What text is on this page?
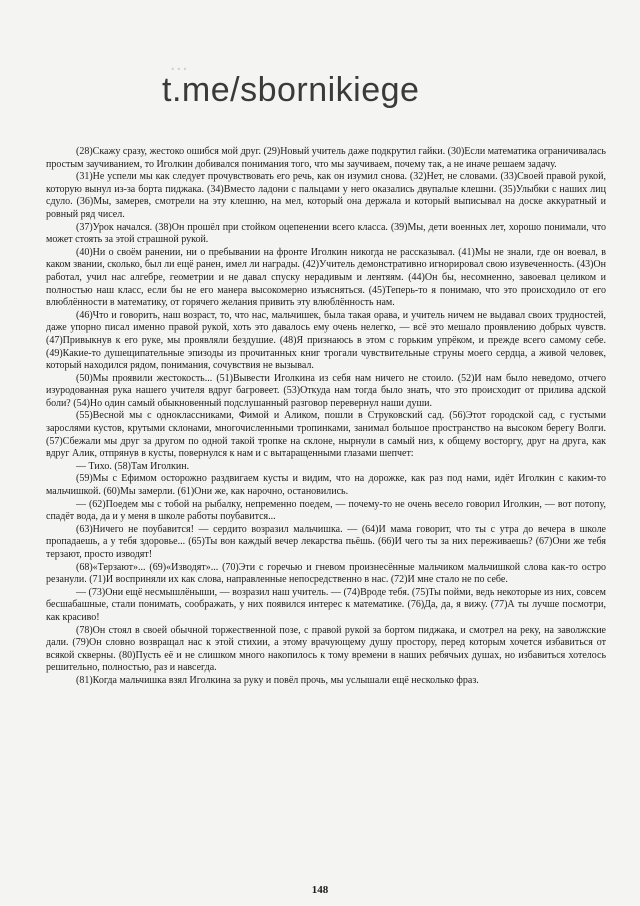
...
t.me/sbornikiege

(28)Скажу сразу, жестоко ошибся мой друг. (29)Новый учитель даже подкрутил гайки. (30)Если математика ограничивалась простым заучиванием, то Иголкин добивался понимания того, что мы заучиваем, почему так, а не иначе решаем задачу.

(31)Не успели мы как следует прочувствовать его речь, как он изумил снова. (32)Нет, не словами. (33)Своей правой рукой, которую вынул из-за борта пиджака. (34)Вместо ладони с пальцами у него оказались двупалые клешни. (35)Улыбки с наших лиц сдуло. (36)Мы, замерев, смотрели на эту клешню, на мел, который она держала и который выписывал на доске аккуратный и ровный ряд чисел.

(37)Урок начался. (38)Он прошёл при стойком оцепенении всего класса. (39)Мы, дети военных лет, хорошо понимали, что может стоять за этой страшной рукой.

(40)Ни о своём ранении, ни о пребывании на фронте Иголкин никогда не рассказывал. (41)Мы не знали, где он воевал, в каком звании, сколько, был ли ещё ранен, имел ли награды. (42)Учитель демонстративно игнорировал свою изувеченность. (43)Он работал, учил нас алгебре, геометрии и не давал спуску нерадивым и лентяям. (44)Он бы, несомненно, завоевал целиком и полностью наш класс, если бы не его манера высокомерно изъясняться. (45)Теперь-то я понимаю, что это происходило от его влюблённости в математику, от горячего желания привить эту влюблённость нам.

(46)Что и говорить, наш возраст, то, что нас, мальчишек, была такая орава, и учитель ничем не выдавал своих трудностей, даже упорно писал именно правой рукой, хоть это давалось ему очень нелегко, — всё это мешало проявлению добрых чувств. (47)Привыкнув к его руке, мы проявляли бездушие. (48)Я признаюсь в этом с горьким упрёком, и прежде всего самому себе. (49)Какие-то душещипательные эпизоды из прочитанных книг трогали чувствительные струны моего сердца, а живой человек, который находился рядом, понимания, сочувствия не вызывал.

(50)Мы проявили жестокость... (51)Вывести Иголкина из себя нам ничего не стоило. (52)И нам было неведомо, отчего изуродованная рука нашего учителя вдруг багровеет. (53)Откуда нам тогда было знать, что это происходит от прилива адской боли? (54)Но один самый обыкновенный подслушанный разговор перевернул наши души.

(55)Весной мы с одноклассниками, Фимой и Аликом, пошли в Струковский сад. (56)Этот городской сад, с густыми зарослями кустов, крутыми склонами, многочисленными тропинками, занимал большое пространство на высоком берегу Волги. (57)Сбежали мы друг за другом по одной такой тропке на склоне, нырнули в самый низ, к общему восторгу, друг на друга, как вдруг Алик, отпрянув в кусты, повернулся к нам и с вытаращенными глазами шепчет:

— Тихо. (58)Там Иголкин.

(59)Мы с Ефимом осторожно раздвигаем кусты и видим, что на дорожке, как раз под нами, идёт Иголкин с каким-то мальчишкой. (60)Мы замерли. (61)Они же, как нарочно, остановились.

— (62)Поедем мы с тобой на рыбалку, непременно поедем, — почему-то не очень весело говорил Иголкин, — вот потопу, спадёт вода, да и у меня в школе работы поубавится...

(63)Ничего не поубавится! — сердито возразил мальчишка. — (64)И мама говорит, что ты с утра до вечера в школе пропадаешь, а у тебя здоровье... (65)Ты вон каждый вечер лекарства пьёшь. (66)И чего ты за них переживаешь? (67)Они же тебя терзают, просто изводят!

(68)«Терзают»... (69)«Изводят»... (70)Эти с горечью и гневом произнесённые мальчиком мальчишкой слова как-то остро резанули. (71)И восприняли их как слова, направленные непосредственно в нас. (72)И мне стало не по себе.

— (73)Они ещё несмышлёныши, — возразил наш учитель. — (74)Вроде тебя. (75)Ты пойми, ведь некоторые из них, совсем бесшабашные, стали понимать, соображать, у них появился интерес к математике. (76)Да, да, я вижу. (77)А ты лучше посмотри, как красиво!

(78)Он стоял в своей обычной торжественной позе, с правой рукой за бортом пиджака, и смотрел на реку, на заволжские дали. (79)Он словно возвращал нас к этой стихии, а этому врачующему душу простору, перед которым хочется избавиться от всякой скверны. (80)Пусть её и не слишком много накопилось к тому времени в наших ребячьих душах, но избавиться хотелось решительно, полностью, раз и навсегда.

(81)Когда мальчишка взял Иголкина за руку и повёл прочь, мы услышали ещё несколько фраз.

148
